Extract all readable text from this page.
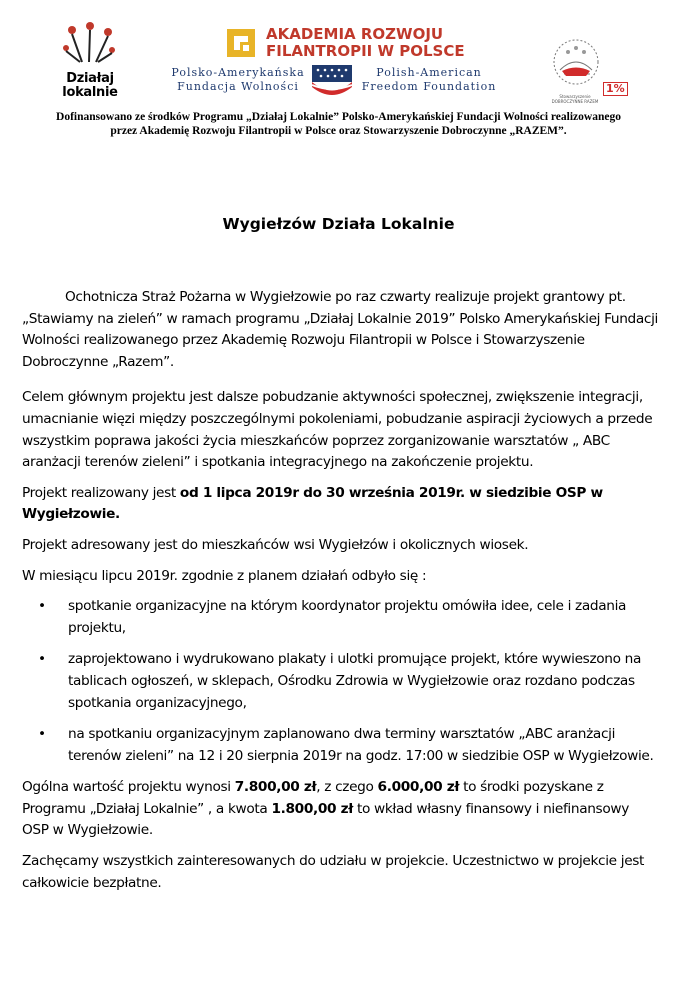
Działaj lokalnie
AKADEMIA ROZWOJU
FILANTROPII W POLSCE
Polsko-Amerykańska
Fundacja Wolności
Polish-American
Freedom Foundation
Stowarzyszenie DOBROCZYNNE RAZEM
1%
Dofinansowano ze środków Programu „Działaj Lokalnie” Polsko-Amerykańskiej Fundacji Wolności realizowanego
przez Akademię Rozwoju Filantropii w Polsce oraz Stowarzyszenie Dobroczynne „RAZEM”.
Wygiełzów Działa Lokalnie

Ochotnicza Straż Pożarna w Wygiełzowie po raz czwarty realizuje projekt grantowy pt. „Stawiamy na zieleń” w ramach programu „Działaj Lokalnie 2019” Polsko Amerykańskiej Fundacji Wolności realizowanego przez Akademię Rozwoju Filantropii w Polsce i Stowarzyszenie Dobroczynne „Razem”.

Celem głównym projektu jest dalsze pobudzanie aktywności społecznej, zwiększenie integracji, umacnianie więzi między poszczególnymi pokoleniami, pobudzanie aspiracji życiowych a przede wszystkim poprawa jakości życia mieszkańców poprzez zorganizowanie warsztatów „ ABC aranżacji terenów zieleni” i spotkania integracyjnego na zakończenie projektu.

Projekt realizowany jest od 1 lipca 2019r do 30 września 2019r. w siedzibie OSP w Wygiełzowie.

Projekt adresowany jest do mieszkańców wsi Wygiełzów i okolicznych wiosek.

W miesiącu lipcu 2019r. zgodnie z planem działań odbyło się :

• spotkanie organizacyjne na którym koordynator projektu omówiła idee, cele i zadania projektu,
• zaprojektowano i wydrukowano plakaty i ulotki promujące projekt, które wywieszono na tablicach ogłoszeń, w sklepach, Ośrodku Zdrowia w Wygiełzowie oraz rozdano podczas spotkania organizacyjnego,
• na spotkaniu organizacyjnym zaplanowano dwa terminy warsztatów „ABC aranżacji terenów zieleni” na 12 i 20 sierpnia 2019r na godz. 17:00 w siedzibie OSP w Wygiełzowie.

Ogólna wartość projektu wynosi 7.800,00 zł, z czego 6.000,00 zł to środki pozyskane z Programu „Działaj Lokalnie” , a kwota 1.800,00 zł to wkład własny finansowy i niefinansowy OSP w Wygiełzowie.

Zachęcamy wszystkich zainteresowanych do udziału w projekcie. Uczestnictwo w projekcie jest całkowicie bezpłatne.
